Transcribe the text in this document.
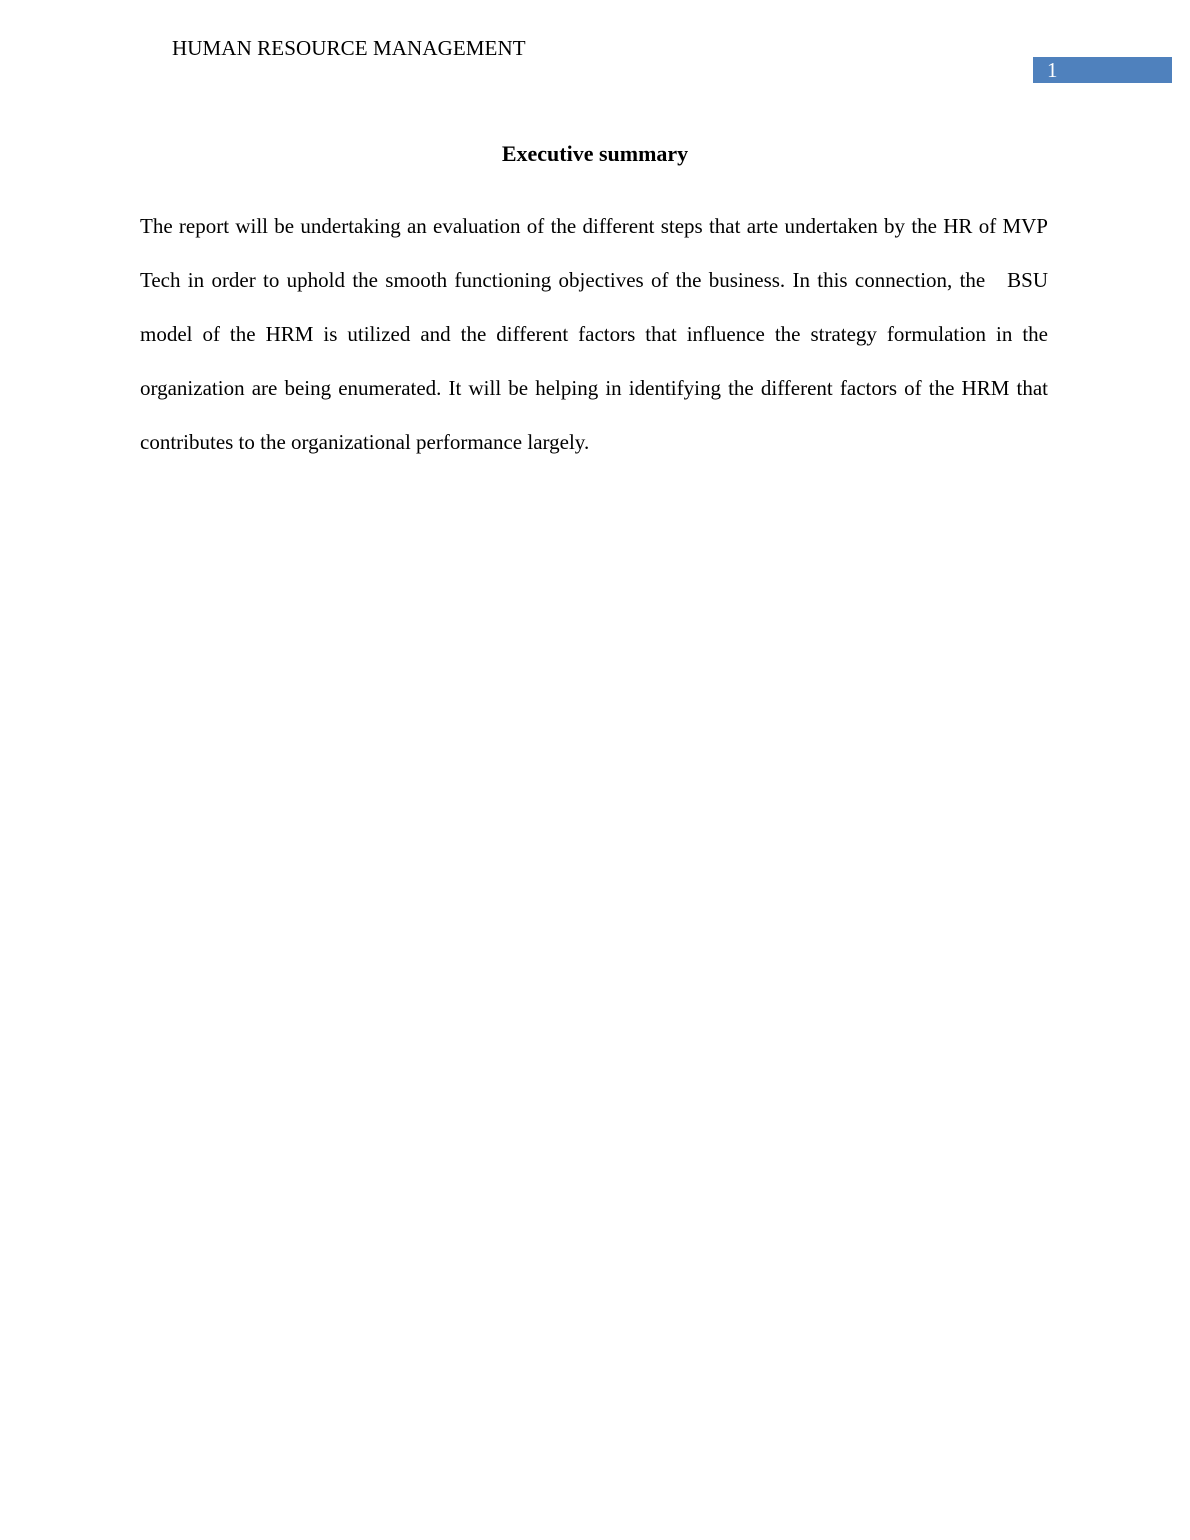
HUMAN RESOURCE MANAGEMENT
1
Executive summary

The report will be undertaking an evaluation of the different steps that arte undertaken by the HR of MVP Tech in order to uphold the smooth functioning objectives of the business. In this connection, the   BSU model of the HRM is utilized and the different factors that influence the strategy formulation in the organization are being enumerated. It will be helping in identifying the different factors of the HRM that contributes to the organizational performance largely.
